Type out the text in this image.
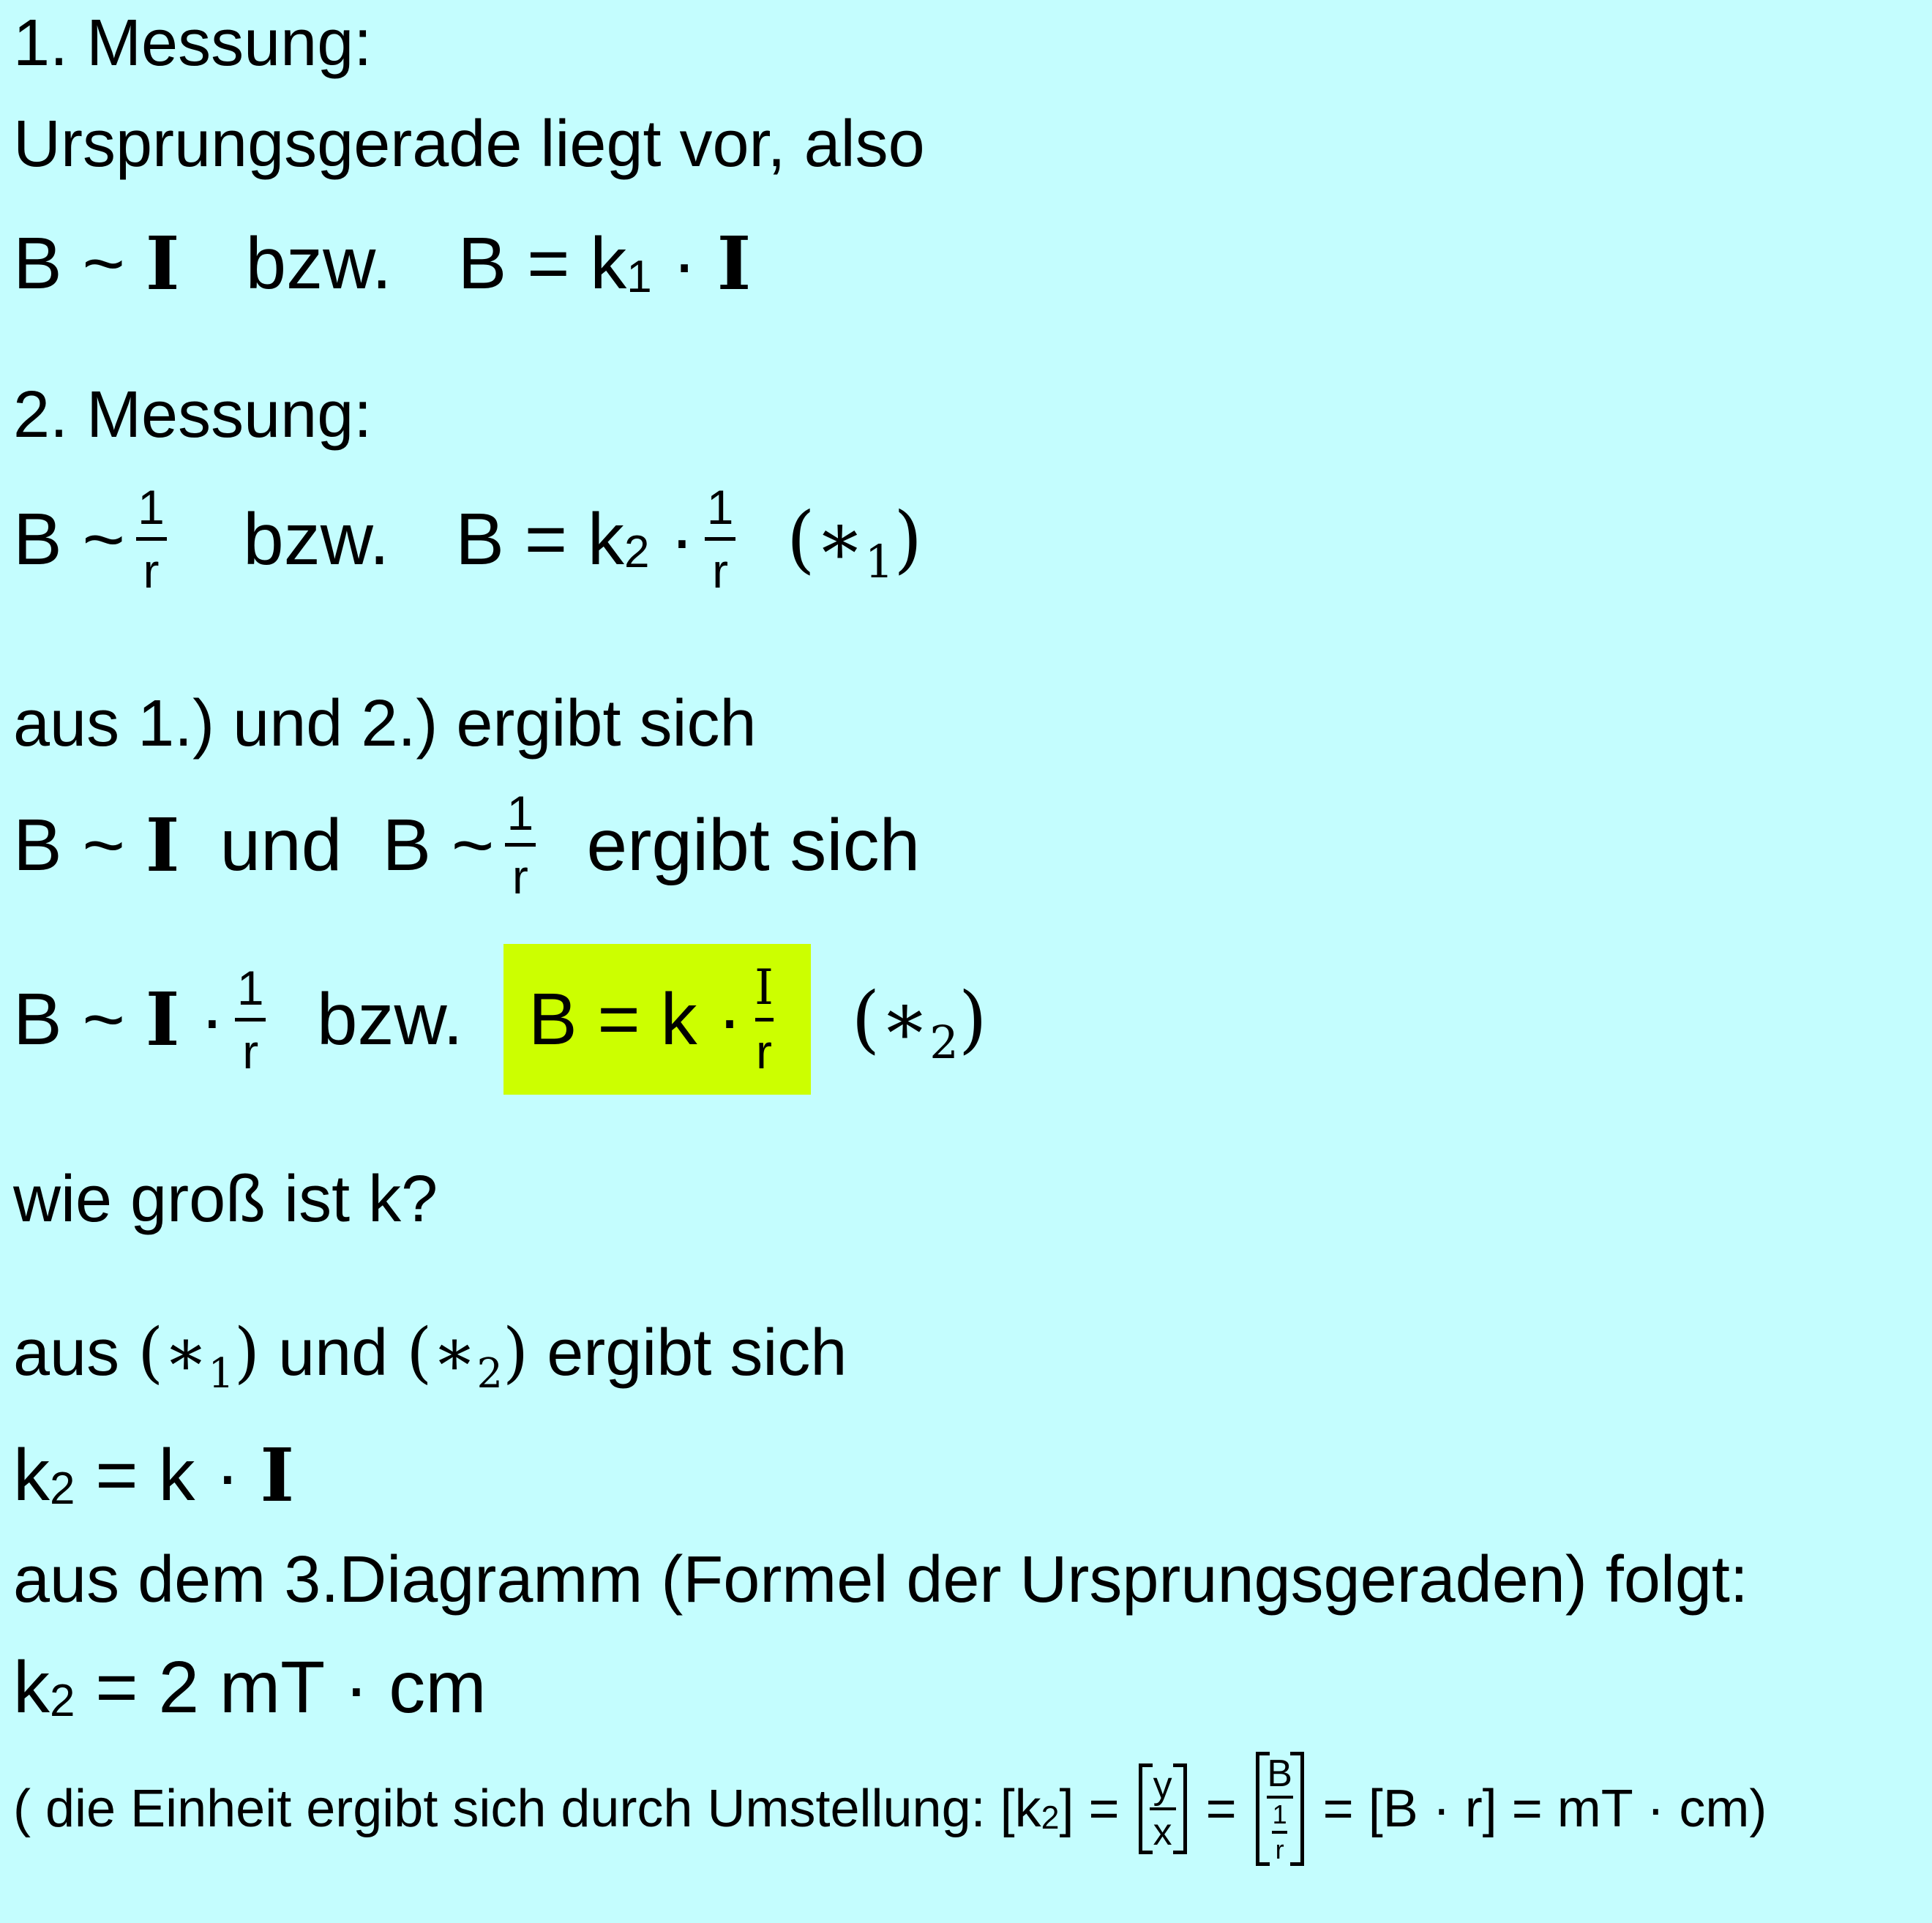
1. Messung:
Ursprungsgerade liegt vor, also
B
~
I bzw. B = k 1
·
I
2. Messung:
B
~ 1
r bzw. B = k 2
· 1
r (∗1)
aus 1.) und 2.) ergibt sich
B
~
I und B
~ 1
r ergibt sich
B
~
I
· 1
r bzw. B = k · I
r (∗2)
wie groß ist k?
aus
(∗1)
und
(∗2)
ergibt sich
k 2
= k ·
I
aus dem 3.Diagramm (Formel der Ursprungsgeraden) folgt:
k 2
= 2 mT · cm
( die Einheit ergibt sich durch Umstellung: [k 2 ] =
y
x
=

B
1
r

= [B · r] = mT · cm)
